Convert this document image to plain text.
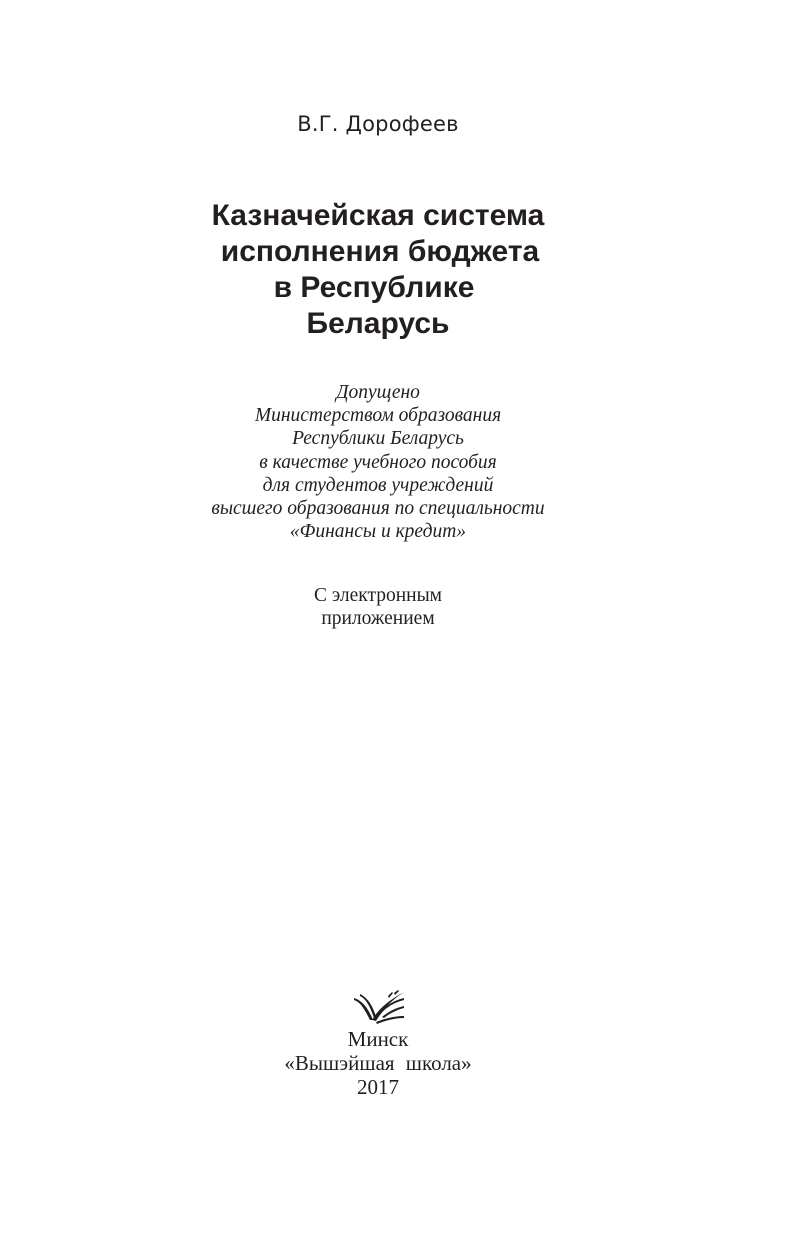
В.Г. Дорофеев
Казначейская система
исполнения бюджета
в Республике
Беларусь
Допущено
Министерством образования
Республики Беларусь
в качестве учебного пособия
для студентов учреждений
высшего образования по специальности
«Финансы и кредит»
С электронным
приложением
Минск
«Вышэйшая школа»
2017
